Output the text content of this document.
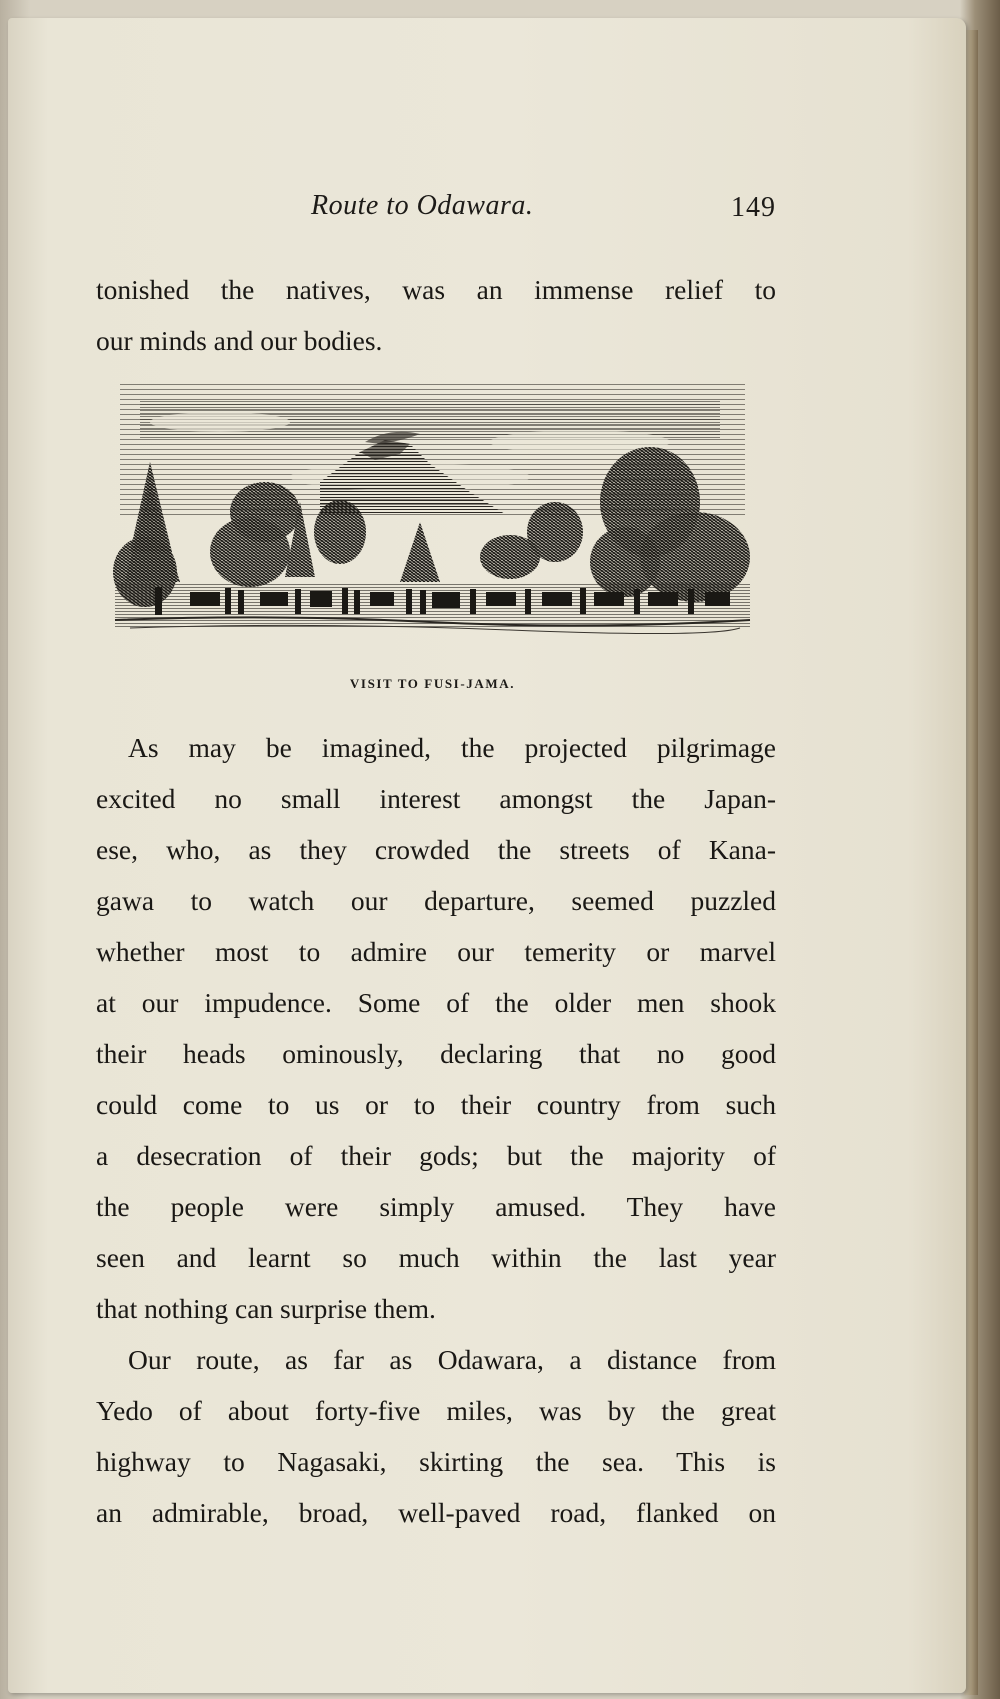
Route to Odawara.	149
tonished the natives, was an immense relief to
our minds and our bodies.
VISIT TO FUSI-JAMA.
As may be imagined, the projected pilgrimage
excited no small interest amongst the Japan-
ese, who, as they crowded the streets of Kana-
gawa to watch our departure, seemed puzzled
whether most to admire our temerity or marvel
at our impudence. Some of the older men shook
their heads ominously, declaring that no good
could come to us or to their country from such
a desecration of their gods; but the majority of
the people were simply amused. They have
seen and learnt so much within the last year
that nothing can surprise them.
Our route, as far as Odawara, a distance from
Yedo of about forty-five miles, was by the great
highway to Nagasaki, skirting the sea. This is
an admirable, broad, well-paved road, flanked on
